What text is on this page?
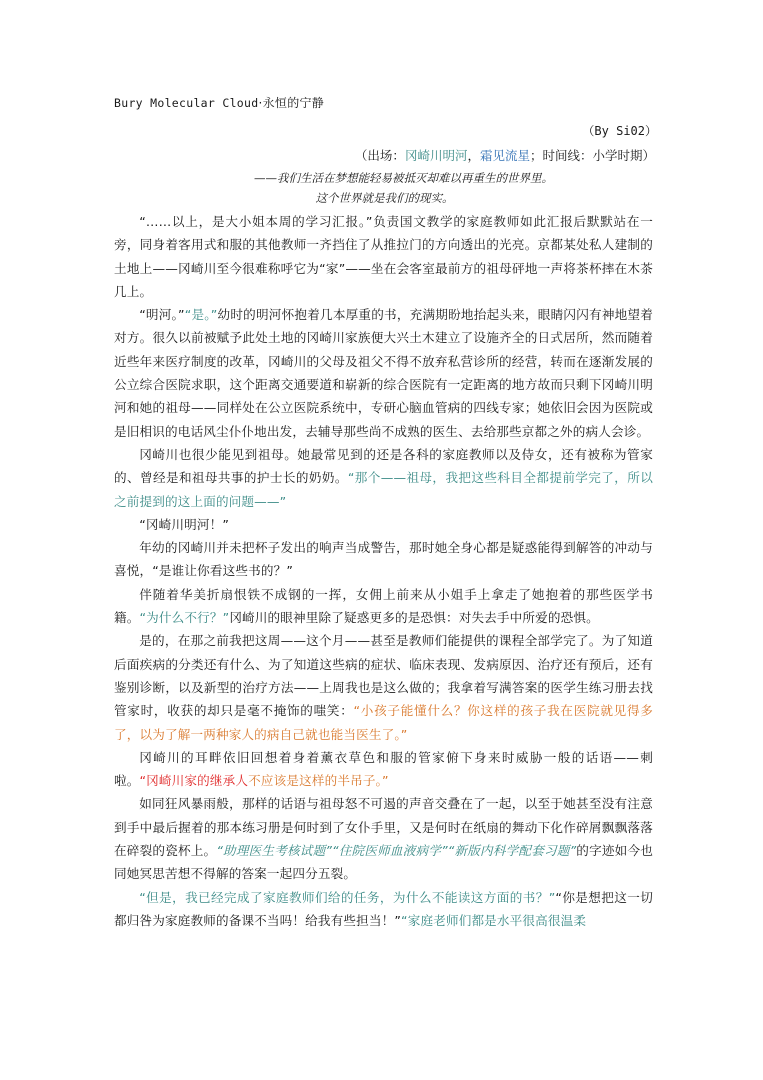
Bury Molecular Cloud·永恒的宁静
（By Si02）
（出场：冈崎川明河，霜见流星；时间线：小学时期）

——我们生活在梦想能轻易被抵灭却难以再重生的世界里。

这个世界就是我们的现实。

“……以上，是大小姐本周的学习汇报。”负责国文教学的家庭教师如此汇报后默默站在一旁，同身着客用式和服的其他教师一齐挡住了从推拉门的方向透出的光亮。京都某处私人建制的土地上——冈崎川至今很难称呼它为“家”——坐在会客室最前方的祖母砰地一声将茶杯摔在木茶几上。

“明河。”“是。”幼时的明河怀抱着几本厚重的书，充满期盼地抬起头来，眼睛闪闪有神地望着对方。很久以前被赋予此处土地的冈崎川家族便大兴土木建立了设施齐全的日式居所，然而随着近些年来医疗制度的改革，冈崎川的父母及祖父不得不放弃私营诊所的经营，转而在逐渐发展的公立综合医院求职，这个距离交通要道和崭新的综合医院有一定距离的地方故而只剩下冈崎川明河和她的祖母——同样处在公立医院系统中，专研心脑血管病的四线专家；她依旧会因为医院或是旧相识的电话风尘仆仆地出发，去辅导那些尚不成熟的医生、去给那些京都之外的病人会诊。

冈崎川也很少能见到祖母。她最常见到的还是各科的家庭教师以及侍女，还有被称为管家的、曾经是和祖母共事的护士长的奶奶。“那个——祖母，我把这些科目全都提前学完了，所以之前提到的这上面的问题——”

“冈崎川明河！”

年幼的冈崎川并未把杯子发出的响声当成警告，那时她全身心都是疑惑能得到解答的冲动与喜悦，“是谁让你看这些书的？”

伴随着华美折扇恨铁不成钢的一挥，女佣上前来从小姐手上拿走了她抱着的那些医学书籍。“为什么不行？”冈崎川的眼神里除了疑惑更多的是恐惧：对失去手中所爱的恐惧。

是的，在那之前我把这周——这个月——甚至是教师们能提供的课程全部学完了。为了知道后面疾病的分类还有什么、为了知道这些病的症状、临床表现、发病原因、治疗还有预后，还有鉴别诊断，以及新型的治疗方法——上周我也是这么做的；我拿着写满答案的医学生练习册去找管家时，收获的却只是毫不掩饰的嗤笑：“小孩子能懂什么？你这样的孩子我在医院就见得多了，以为了解一两种家人的病自己就也能当医生了。”

冈崎川的耳畔依旧回想着身着薰衣草色和服的管家俯下身来时威胁一般的话语——刺啦。“冈崎川家的继承人不应该是这样的半吊子。”

如同狂风暴雨般，那样的话语与祖母怒不可遏的声音交叠在了一起，以至于她甚至没有注意到手中最后握着的那本练习册是何时到了女仆手里，又是何时在纸扇的舞动下化作碎屑飘飘落落在碎裂的瓷杯上。“助理医生考核试题”“住院医师血液病学”“新版内科学配套习题”的字迹如今也同她冥思苦想不得解的答案一起四分五裂。

“但是，我已经完成了家庭教师们给的任务，为什么不能读这方面的书？”“你是想把这一切都归咎为家庭教师的备课不当吗！给我有些担当！”“家庭老师们都是水平很高很温柔
